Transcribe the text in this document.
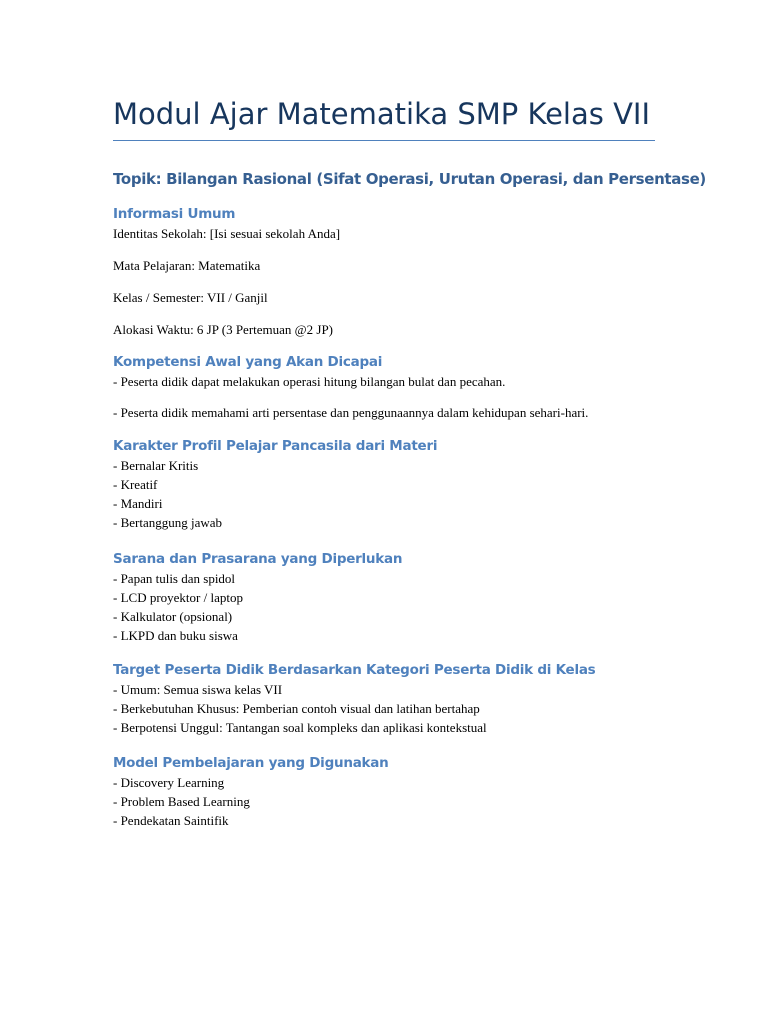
Modul Ajar Matematika SMP Kelas VII
Topik: Bilangan Rasional (Sifat Operasi, Urutan Operasi, dan Persentase)
Informasi Umum

Identitas Sekolah: [Isi sesuai sekolah Anda]

Mata Pelajaran: Matematika

Kelas / Semester: VII / Ganjil

Alokasi Waktu: 6 JP (3 Pertemuan @2 JP)

Kompetensi Awal yang Akan Dicapai

- Peserta didik dapat melakukan operasi hitung bilangan bulat dan pecahan.

- Peserta didik memahami arti persentase dan penggunaannya dalam kehidupan sehari-hari.

Karakter Profil Pelajar Pancasila dari Materi
- Bernalar Kritis
- Kreatif
- Mandiri
- Bertanggung jawab
Sarana dan Prasarana yang Diperlukan
- Papan tulis dan spidol
- LCD proyektor / laptop
- Kalkulator (opsional)
- LKPD dan buku siswa
Target Peserta Didik Berdasarkan Kategori Peserta Didik di Kelas
- Umum: Semua siswa kelas VII
- Berkebutuhan Khusus: Pemberian contoh visual dan latihan bertahap
- Berpotensi Unggul: Tantangan soal kompleks dan aplikasi kontekstual
Model Pembelajaran yang Digunakan
- Discovery Learning
- Problem Based Learning
- Pendekatan Saintifik
